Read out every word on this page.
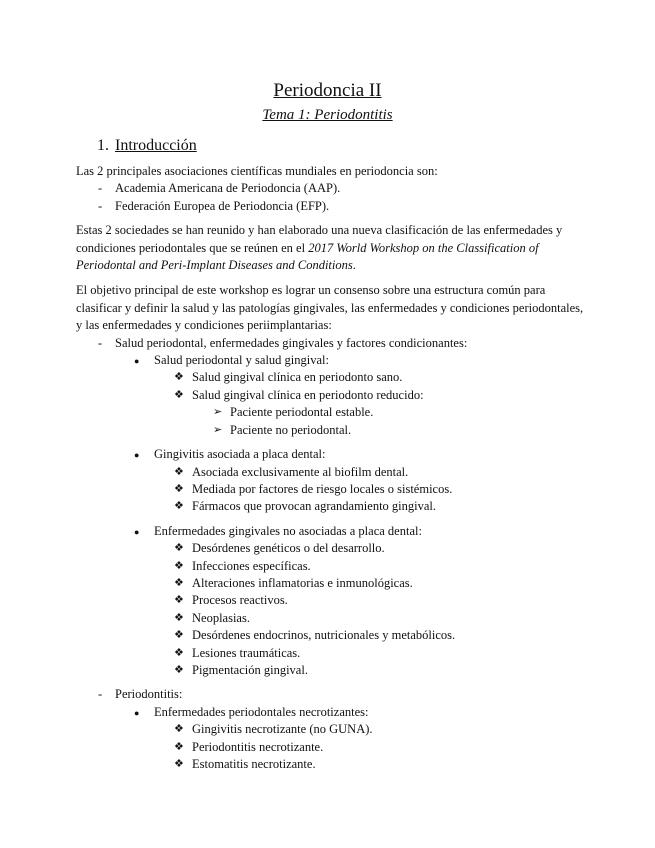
Periodoncia II
Tema 1: Periodontitis
1. Introducción
Las 2 principales asociaciones científicas mundiales en periodoncia son:
- Academia Americana de Periodoncia (AAP).
- Federación Europea de Periodoncia (EFP).

Estas 2 sociedades se han reunido y han elaborado una nueva clasificación de las enfermedades y condiciones periodontales que se reúnen en el 2017 World Workshop on the Classification of Periodontal and Peri-Implant Diseases and Conditions.

El objetivo principal de este workshop es lograr un consenso sobre una estructura común para clasificar y definir la salud y las patologías gingivales, las enfermedades y condiciones periodontales, y las enfermedades y condiciones periimplantarias:

- Salud periodontal, enfermedades gingivales y factores condicionantes:
● Salud periodontal y salud gingival:
❖ Salud gingival clínica en periodonto sano.
❖ Salud gingival clínica en periodonto reducido:
➢ Paciente periodontal estable.
➢ Paciente no periodontal.
● Gingivitis asociada a placa dental:
❖ Asociada exclusivamente al biofilm dental.
❖ Mediada por factores de riesgo locales o sistémicos.
❖ Fármacos que provocan agrandamiento gingival.
● Enfermedades gingivales no asociadas a placa dental:
❖ Desórdenes genéticos o del desarrollo.
❖ Infecciones específicas.
❖ Alteraciones inflamatorias e inmunológicas.
❖ Procesos reactivos.
❖ Neoplasias.
❖ Desórdenes endocrinos, nutricionales y metabólicos.
❖ Lesiones traumáticas.
❖ Pigmentación gingival.
- Periodontitis:
● Enfermedades periodontales necrotizantes:
❖ Gingivitis necrotizante (no GUNA).
❖ Periodontitis necrotizante.
❖ Estomatitis necrotizante.
